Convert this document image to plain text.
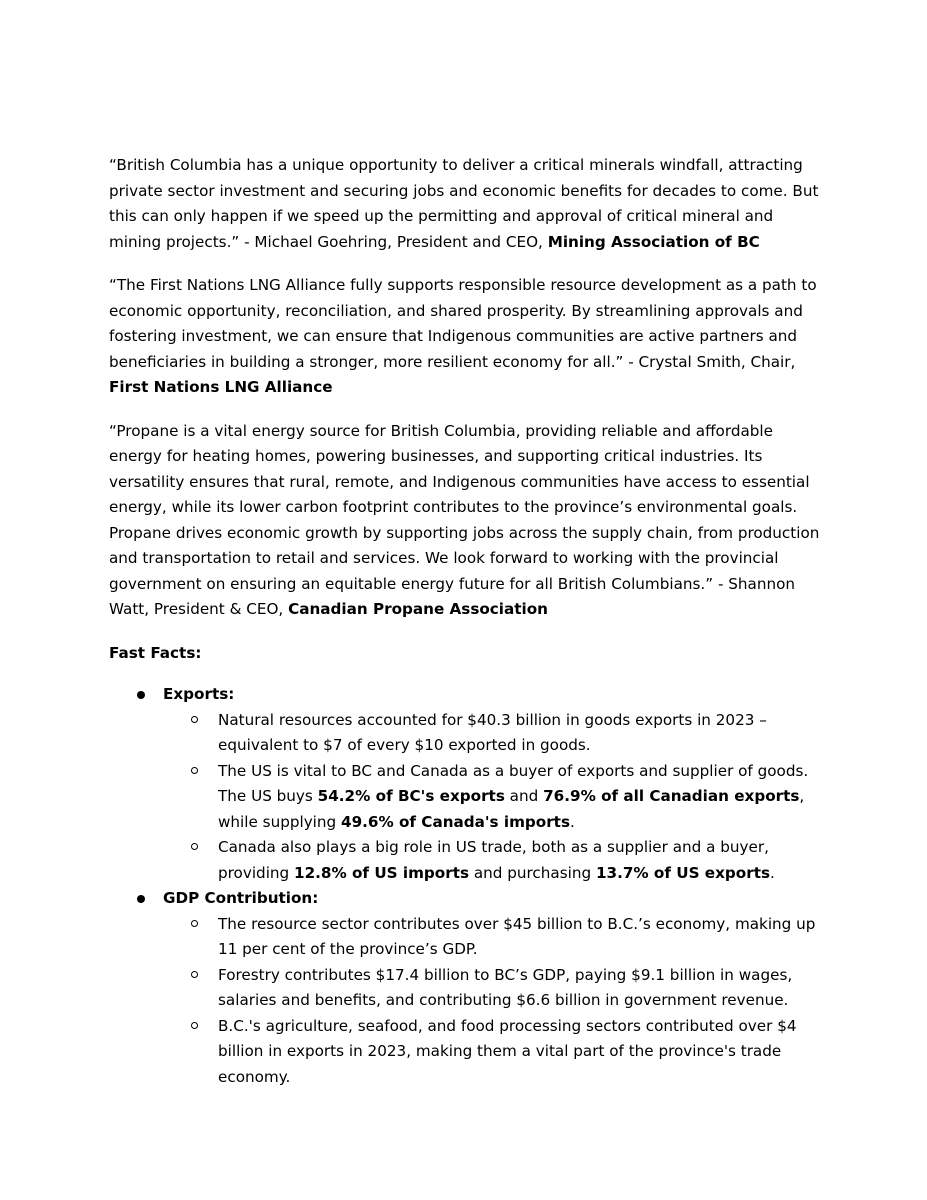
“British Columbia has a unique opportunity to deliver a critical minerals windfall, attracting private sector investment and securing jobs and economic benefits for decades to come. But this can only happen if we speed up the permitting and approval of critical mineral and mining projects.” - Michael Goehring, President and CEO, Mining Association of BC

“The First Nations LNG Alliance fully supports responsible resource development as a path to economic opportunity, reconciliation, and shared prosperity. By streamlining approvals and fostering investment, we can ensure that Indigenous communities are active partners and beneficiaries in building a stronger, more resilient economy for all.” - Crystal Smith, Chair, First Nations LNG Alliance

“Propane is a vital energy source for British Columbia, providing reliable and affordable energy for heating homes, powering businesses, and supporting critical industries. Its versatility ensures that rural, remote, and Indigenous communities have access to essential energy, while its lower carbon footprint contributes to the province’s environmental goals. Propane drives economic growth by supporting jobs across the supply chain, from production and transportation to retail and services. We look forward to working with the provincial government on ensuring an equitable energy future for all British Columbians.” - Shannon Watt, President & CEO, Canadian Propane Association

Fast Facts:
Exports:
Natural resources accounted for $40.3 billion in goods exports in 2023 – equivalent to $7 of every $10 exported in goods.
The US is vital to BC and Canada as a buyer of exports and supplier of goods. The US buys 54.2% of BC's exports and 76.9% of all Canadian exports, while supplying 49.6% of Canada's imports.
Canada also plays a big role in US trade, both as a supplier and a buyer, providing 12.8% of US imports and purchasing 13.7% of US exports.
GDP Contribution:
The resource sector contributes over $45 billion to B.C.’s economy, making up 11 per cent of the province’s GDP.
Forestry contributes $17.4 billion to BC’s GDP, paying $9.1 billion in wages, salaries and benefits, and contributing $6.6 billion in government revenue.
B.C.'s agriculture, seafood, and food processing sectors contributed over $4 billion in exports in 2023, making them a vital part of the province's trade economy.
